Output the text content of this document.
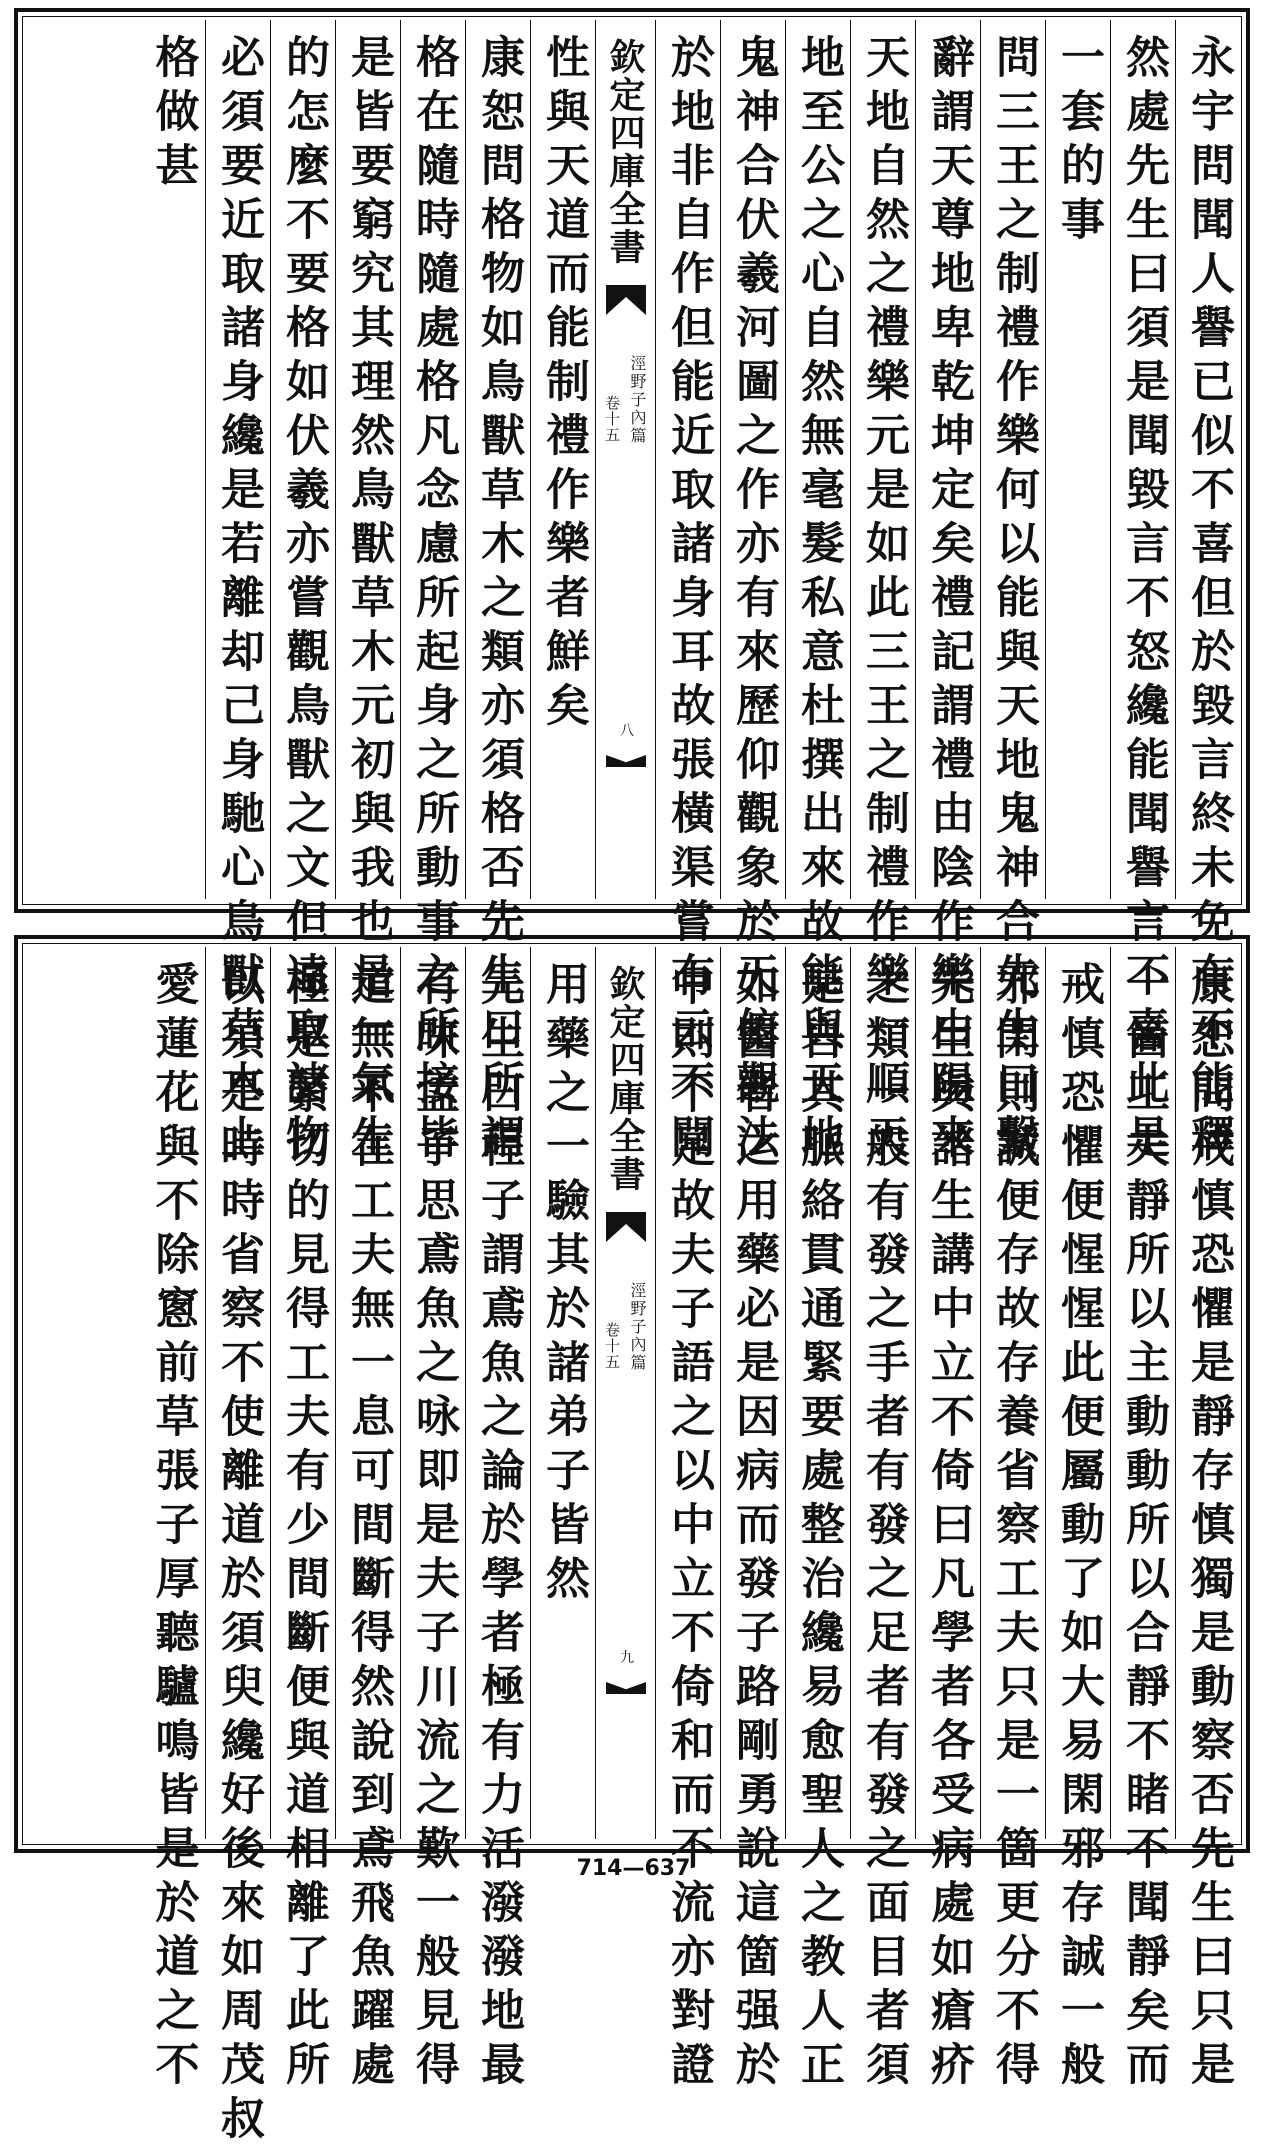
永宇問聞人譽已似不喜但於毀言終未免有不能釋
然處先生曰須是聞毀言不怒纔能聞譽言不喜此是
一套的事
問三王之制禮作樂何以能與天地鬼神合先生曰繫
辭謂天尊地卑乾坤定矣禮記謂禮由陰作樂由陽來
天地自然之禮樂元是如此三王之制禮作樂一順天
地至公之心自然無毫髮私意杜撰出來故能與天地
鬼神合伏羲河圖之作亦有來歷仰觀象於天俯觀法
於地非自作但能近取諸身耳故張橫渠嘗有云不聞
欽定四庫全書
涇野子內篇
卷十五
八
性與天道而能制禮作樂者鮮矣
康恕問格物如鳥獸草木之類亦須格否先生曰所謂
格在隨時隨處格凡念慮所起身之所動事之所接皆
是皆要窮究其理然鳥獸草木元初與我也是一氣生
的怎麼不要格如伏羲亦嘗觀鳥獸之文但遠取諸物
必須要近取諸身纔是若離却己身馳心鳥獸草木上
格做甚
康恕問戒慎恐懼是靜存慎獨是動察否先生曰只是
一箇工夫靜所以主動動所以合靜不睹不聞靜矣而
戒慎恐懼便惺惺此便屬動了如大易閑邪存誠一般
邪閑則誠便存故存養省察工夫只是一箇更分不得
先生與諸生講中立不倚曰凡學者各受病處如瘡疥
之類一般有發之手者有發之足者有發之面目者須
是自其脈絡貫通緊要處整治纔易愈聖人之教人正
如醫者之用藥必是因病而發子路剛勇說這箇强於
中則不足故夫子語之以中立不倚和而不流亦對證
欽定四庫全書
涇野子內篇
卷十五
九
用藥之一驗其於諸弟子皆然
先生曰程子謂鳶魚之論於學者極有力活潑潑地最
有味孟子思鳶魚之咏即是夫子川流之歎一般見得
道無不在工夫無一息可間斷得然說到鳶飛魚躍處
極是緊切的見得工夫有少間斷便與道相離了此所
以須是時時省察不使離道於須臾纔好後來如周茂叔
愛蓮花與不除窻前草張子厚聽驢鳴皆是於道之不	714—637
